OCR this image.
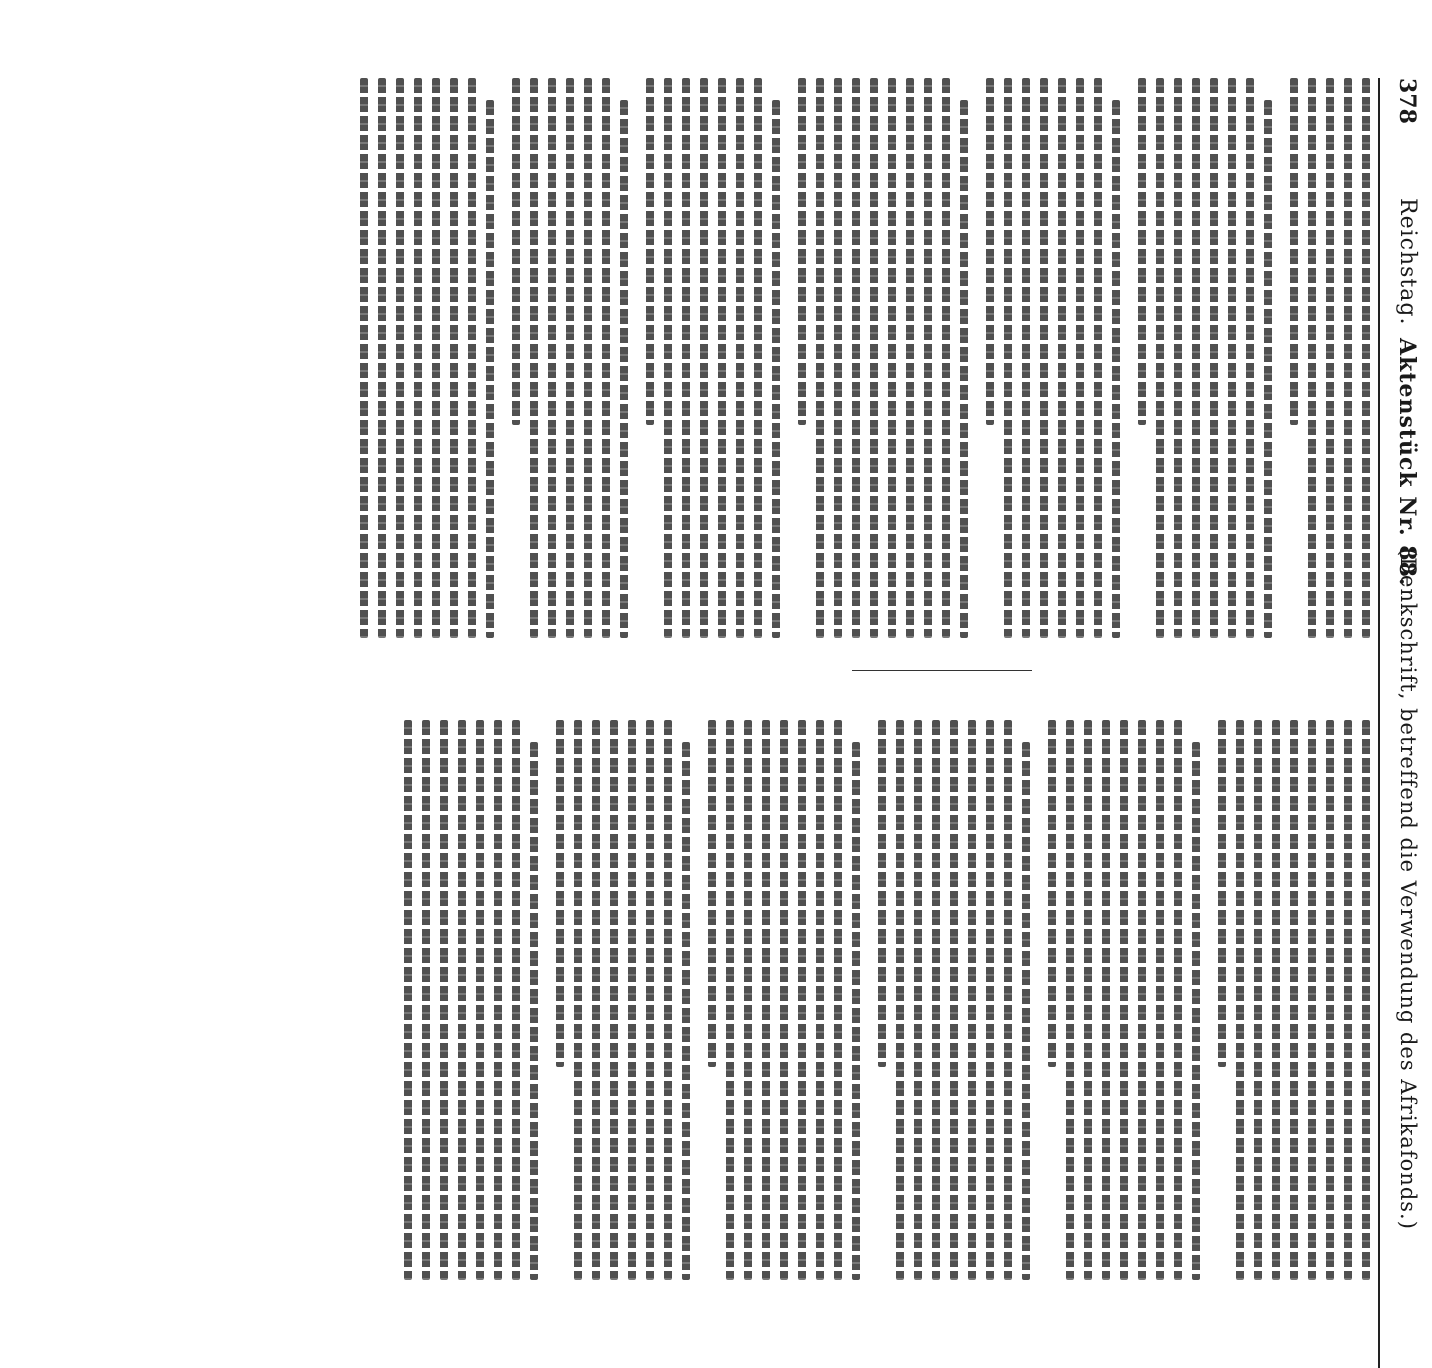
378
Reichstag.
Aktenstück Nr. 88.
(Denkschrift, betreffend die Verwendung des Afrikafonds.)
